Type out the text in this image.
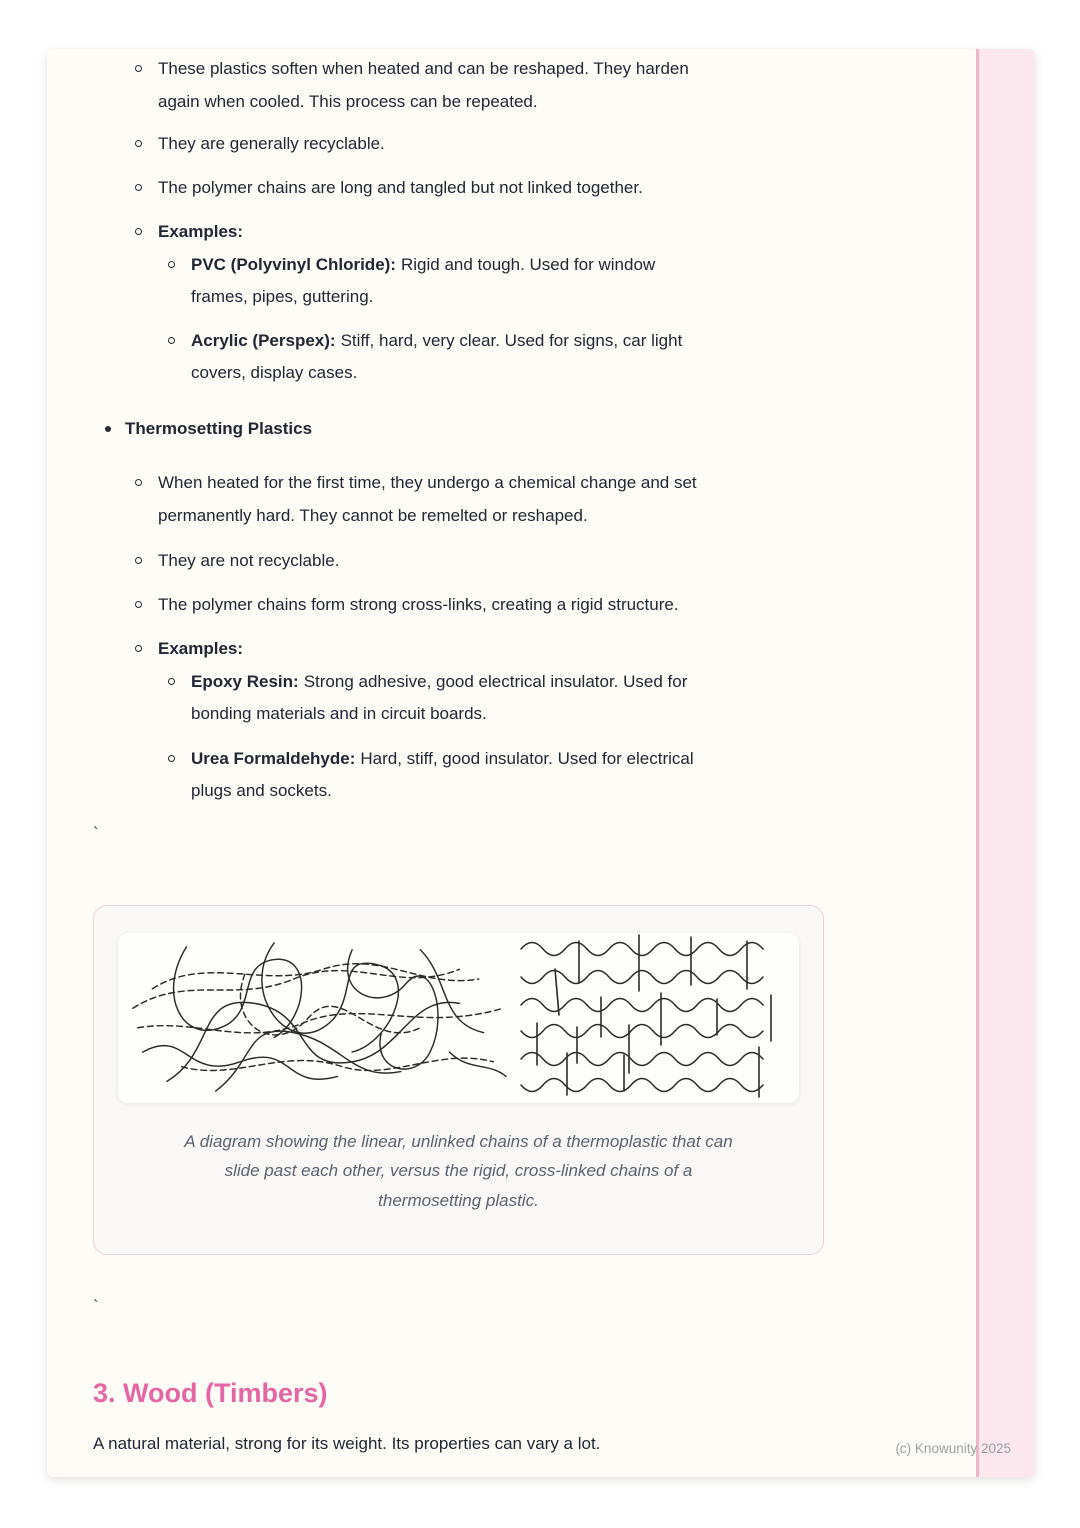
These plastics soften when heated and can be reshaped. They harden
again when cooled. This process can be repeated.
They are generally recyclable.
The polymer chains are long and tangled but not linked together.
Examples:
PVC (Polyvinyl Chloride): Rigid and tough. Used for window
frames, pipes, guttering.
Acrylic (Perspex): Stiff, hard, very clear. Used for signs, car light
covers, display cases.
Thermosetting Plastics
When heated for the first time, they undergo a chemical change and set
permanently hard. They cannot be remelted or reshaped.
They are not recyclable.
The polymer chains form strong cross-links, creating a rigid structure.
Examples:
Epoxy Resin: Strong adhesive, good electrical insulator. Used for
bonding materials and in circuit boards.
Urea Formaldehyde: Hard, stiff, good insulator. Used for electrical
plugs and sockets.
`
A diagram showing the linear, unlinked chains of a thermoplastic that can
slide past each other, versus the rigid, cross-linked chains of a
thermosetting plastic.
`
3. Wood (Timbers)

A natural material, strong for its weight. Its properties can vary a lot.	(c) Knowunity 2025
